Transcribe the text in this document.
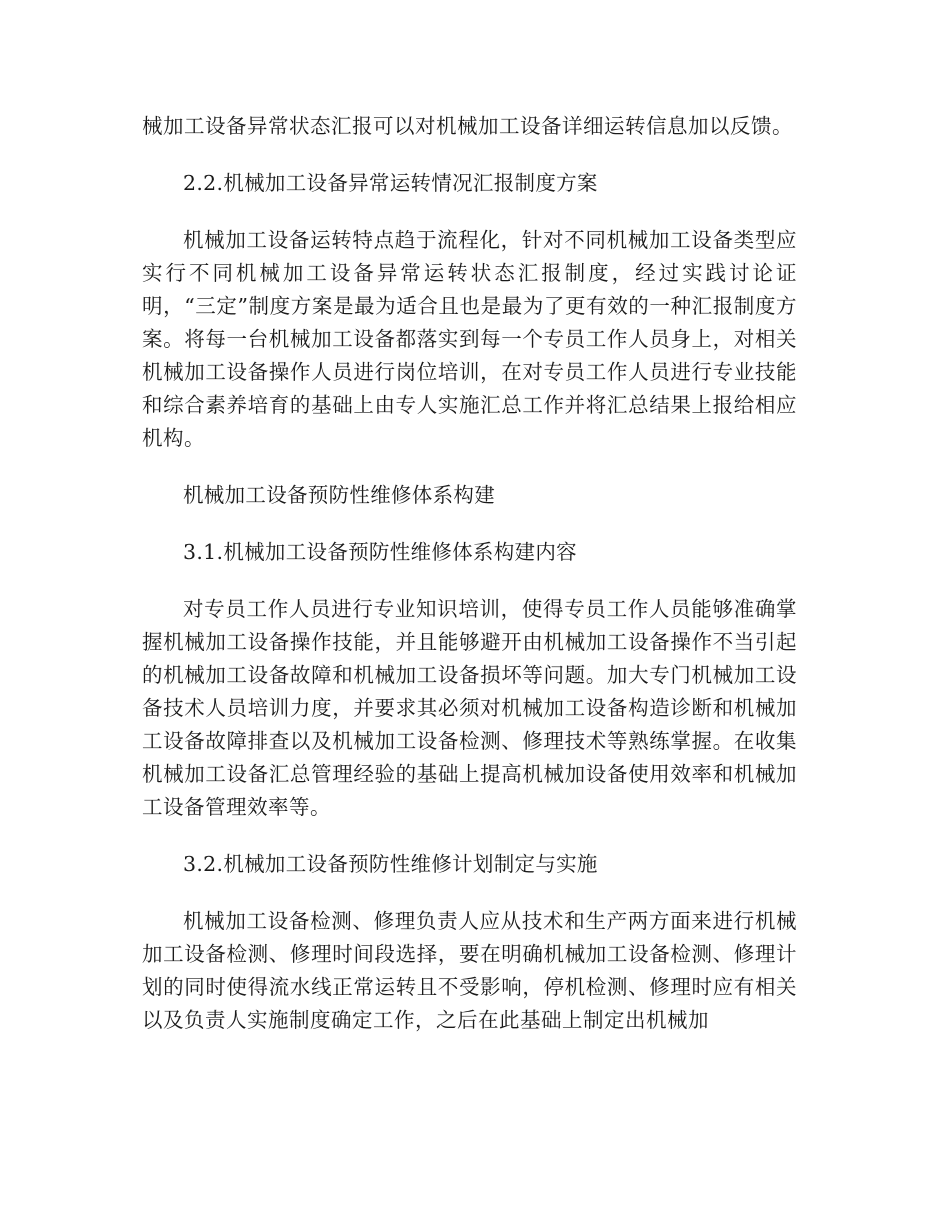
械加工设备异常状态汇报可以对机械加工设备详细运转信息加以反馈。

2.2.机械加工设备异常运转情况汇报制度方案

机械加工设备运转特点趋于流程化，针对不同机械加工设备类型应实行不同机械加工设备异常运转状态汇报制度，经过实践讨论证明，“三定”制度方案是最为适合且也是最为了更有效的一种汇报制度方案。将每一台机械加工设备都落实到每一个专员工作人员身上，对相关机械加工设备操作人员进行岗位培训，在对专员工作人员进行专业技能和综合素养培育的基础上由专人实施汇总工作并将汇总结果上报给相应机构。

机械加工设备预防性维修体系构建

3.1.机械加工设备预防性维修体系构建内容

对专员工作人员进行专业知识培训，使得专员工作人员能够准确掌握机械加工设备操作技能，并且能够避开由机械加工设备操作不当引起的机械加工设备故障和机械加工设备损坏等问题。加大专门机械加工设备技术人员培训力度，并要求其必须对机械加工设备构造诊断和机械加工设备故障排查以及机械加工设备检测、修理技术等熟练掌握。在收集机械加工设备汇总管理经验的基础上提高机械加设备使用效率和机械加工设备管理效率等。

3.2.机械加工设备预防性维修计划制定与实施

机械加工设备检测、修理负责人应从技术和生产两方面来进行机械加工设备检测、修理时间段选择，要在明确机械加工设备检测、修理计划的同时使得流水线正常运转且不受影响，停机检测、修理时应有相关以及负责人实施制度确定工作，之后在此基础上制定出机械加
